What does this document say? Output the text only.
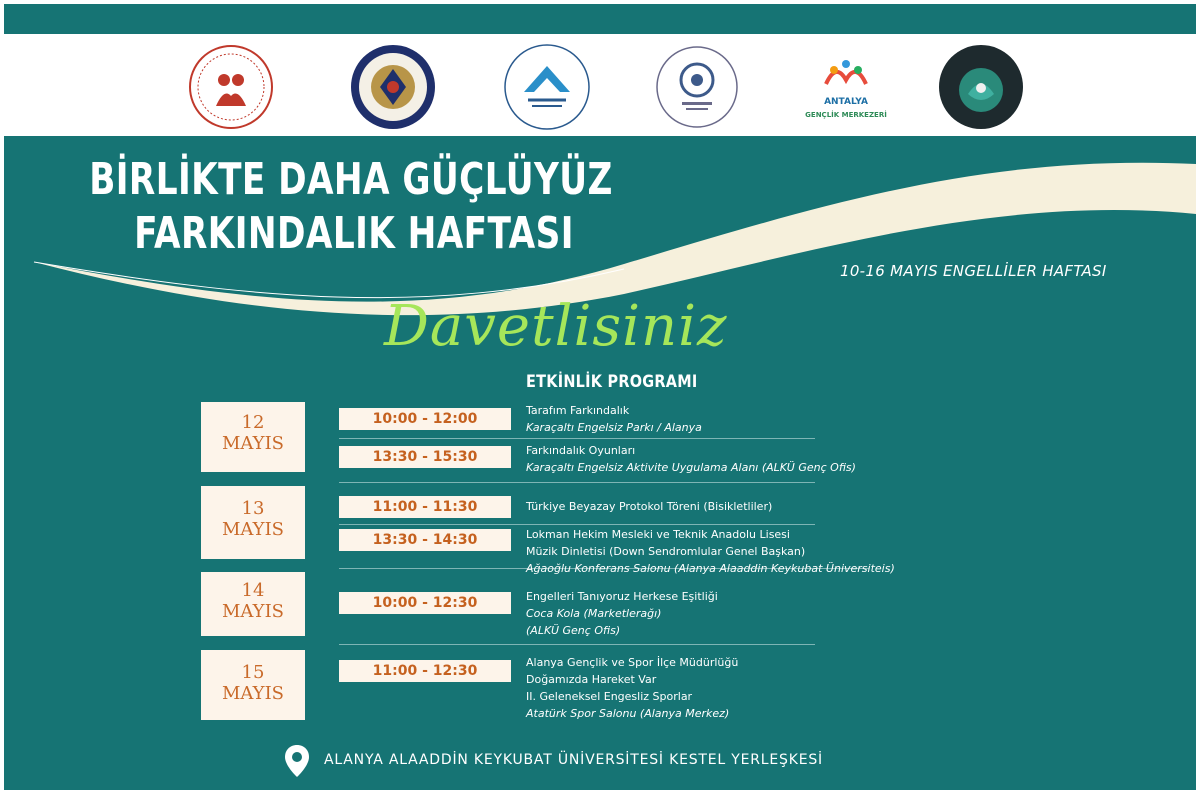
ANTALYA
GENÇLİK MERKEZERİ
BİRLİKTE DAHA GÜÇLÜYÜZ
FARKINDALIK HAFTASI
10-16 MAYIS ENGELLİLER HAFTASI
Davetlisiniz
ETKİNLİK PROGRAMI
12
MAYIS
13
MAYIS
14
MAYIS
15
MAYIS
10:00 - 12:00
13:30 - 15:30
11:00 - 11:30
13:30 - 14:30
10:00 - 12:30
11:00 - 12:30
Tarafım Farkındalık
Karaçaltı Engelsiz Parkı / Alanya
Farkındalık Oyunları
Karaçaltı Engelsiz Aktivite Uygulama Alanı (ALKÜ Genç Ofis)
Türkiye Beyazay Protokol Töreni (Bisikletliler)
Lokman Hekim Mesleki ve Teknik Anadolu Lisesi
Müzik Dinletisi (Down Sendromlular Genel Başkan)
Ağaoğlu Konferans Salonu (Alanya Alaaddin Keykubat Üniversiteis)
Engelleri Tanıyoruz Herkese Eşitliği
Coca Kola (Marketlerağı)
(ALKÜ Genç Ofis)
Alanya Gençlik ve Spor İlçe Müdürlüğü
Doğamızda Hareket Var
II. Geleneksel Engesliz Sporlar
Atatürk Spor Salonu (Alanya Merkez)
ALANYA ALAADDİN KEYKUBAT ÜNİVERSİTESİ KESTEL YERLEŞKESİ
